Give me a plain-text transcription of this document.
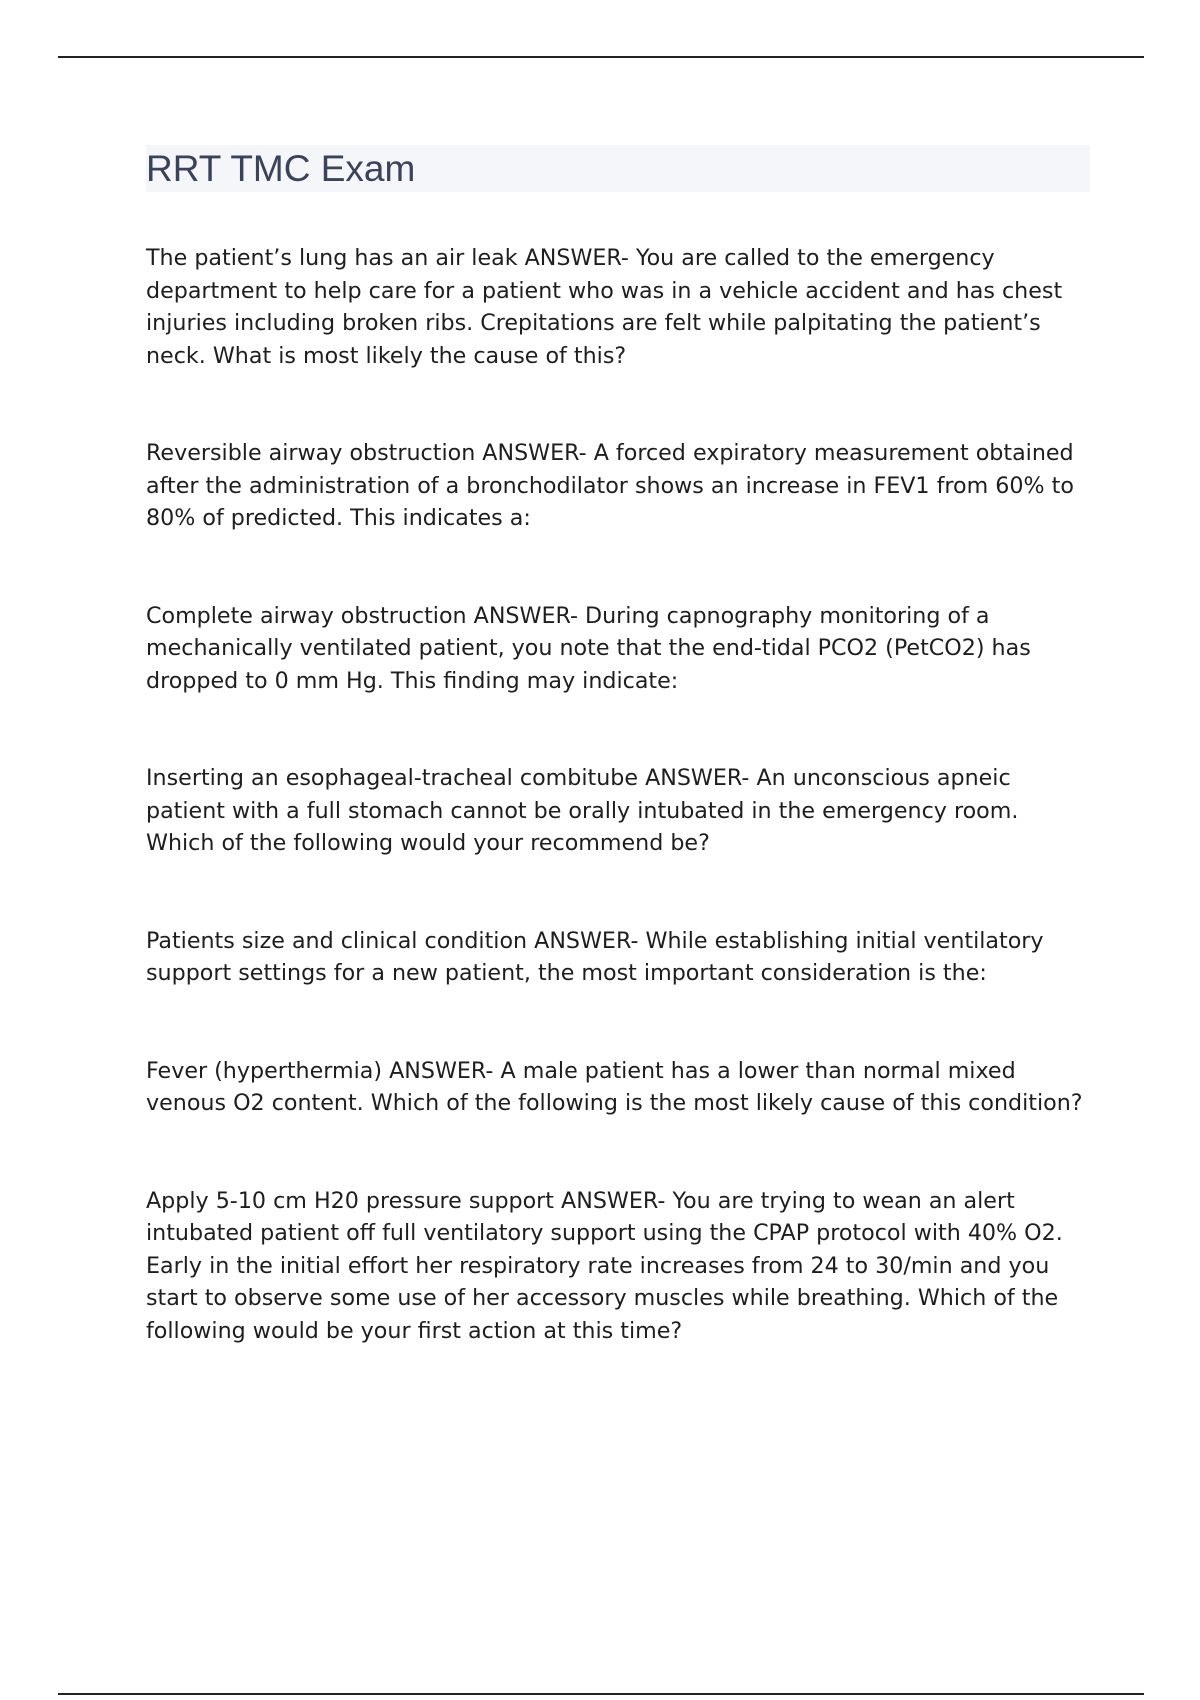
RRT TMC Exam

The patient’s lung has an air leak ANSWER- You are called to the emergency department to help care for a patient who was in a vehicle accident and has chest injuries including broken ribs. Crepitations are felt while palpitating the patient’s neck. What is most likely the cause of this?

Reversible airway obstruction ANSWER- A forced expiratory measurement obtained after the administration of a bronchodilator shows an increase in FEV1 from 60% to 80% of predicted. This indicates a:

Complete airway obstruction ANSWER- During capnography monitoring of a mechanically ventilated patient, you note that the end-tidal PCO2 (PetCO2) has dropped to 0 mm Hg. This finding may indicate:

Inserting an esophageal-tracheal combitube ANSWER- An unconscious apneic patient with a full stomach cannot be orally intubated in the emergency room. Which of the following would your recommend be?

Patients size and clinical condition ANSWER- While establishing initial ventilatory support settings for a new patient, the most important consideration is the:

Fever (hyperthermia) ANSWER- A male patient has a lower than normal mixed venous O2 content. Which of the following is the most likely cause of this condition?

Apply 5-10 cm H20 pressure support ANSWER- You are trying to wean an alert intubated patient off full ventilatory support using the CPAP protocol with 40% O2. Early in the initial effort her respiratory rate increases from 24 to 30/min and you start to observe some use of her accessory muscles while breathing. Which of the following would be your first action at this time?
